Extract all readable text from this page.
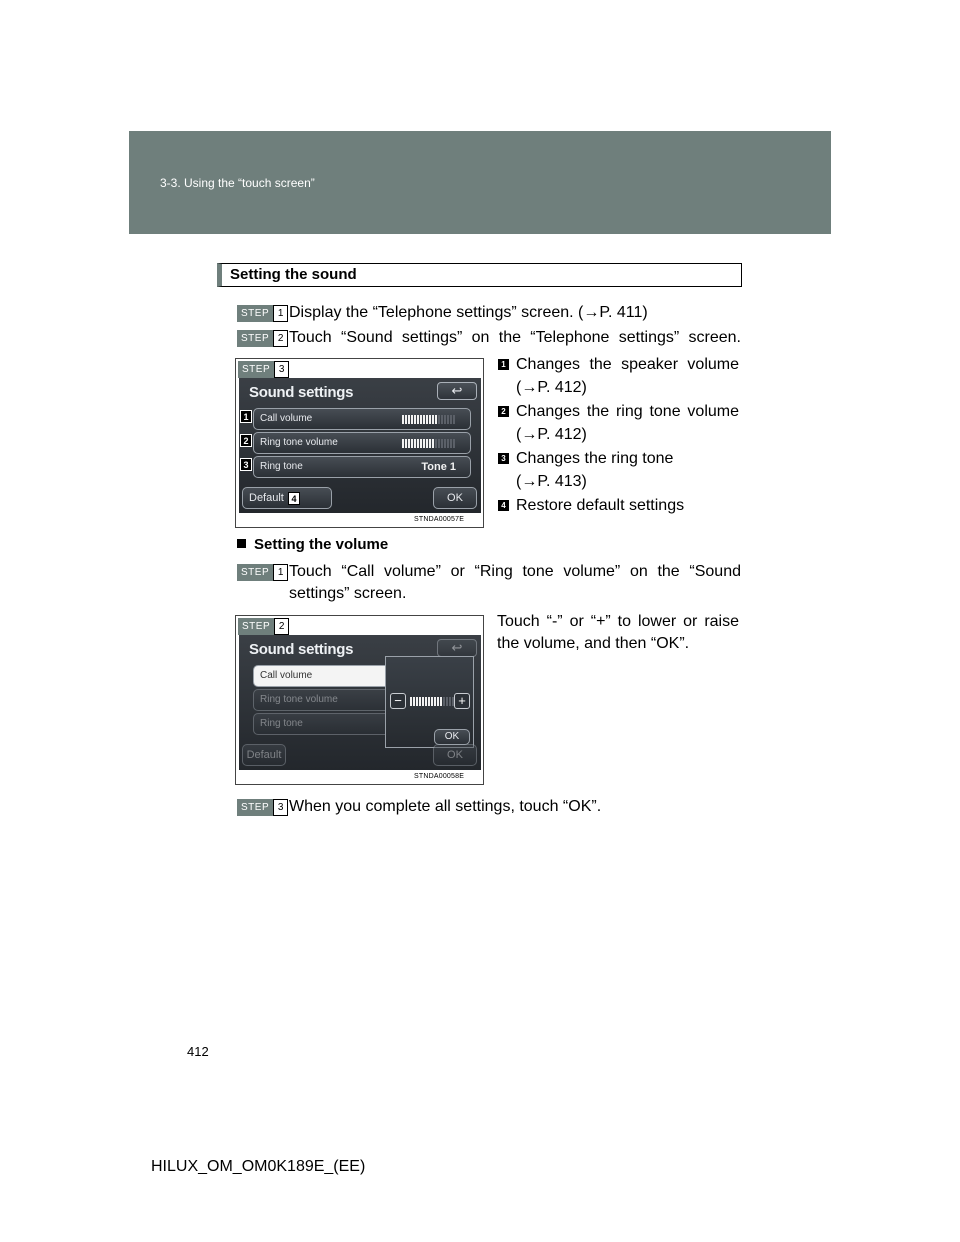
3-3. Using the “touch screen”
Setting the sound
STEP 1 Display the “Telephone settings” screen. (→P. 411)
STEP 2 Touch “Sound settings” on the “Telephone settings” screen.
STEP 3
Sound settings	↩
Call volume
Ring tone volume
Ring tone	Tone 1
Default	OK
1
2
3
4
STNDA00057E
1 Changes the speaker volume
(→P. 412)
2 Changes the ring tone volume
(→P. 412)
3 Changes the ring tone
(→P. 413)
4 Restore default settings
Setting the volume
STEP 1 Touch “Call volume” or “Ring tone volume” on the “Sound
settings” screen.
Touch “-” or “+” to lower or raise
the volume, and then “OK”.
STEP 2
Sound settings	↩
Call volume
Ring tone volume
Ring tone
−	+
OK
Default	OK
STNDA00058E
STEP 3 When you complete all settings, touch “OK”.
412
HILUX_OM_OM0K189E_(EE)
